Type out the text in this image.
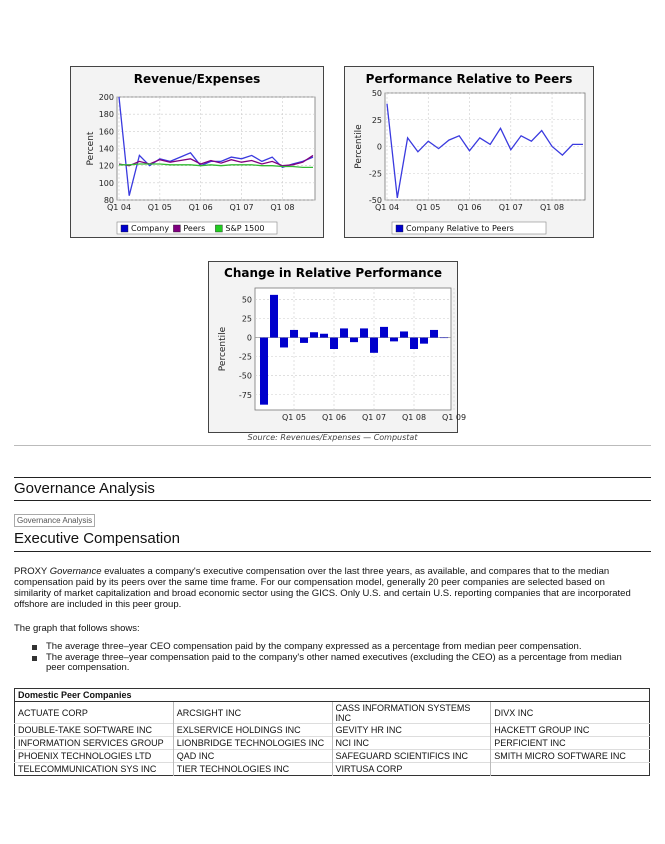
Revenue/Expenses
80
100
120
140
160
180
200
Q1 04 Q1 05 Q1 06 Q1 07 Q1 08
Percent
Company Peers	S&P 1500
Performance Relative to Peers
-50
-25
0
25
50
Q1 04 Q1 05 Q1 06 Q1 07 Q1 08
Percentile
Company Relative to Peers
Change in Relative Performance
-75
-50
-25
0
25
50
Q1 05 Q1 06 Q1 07 Q1 08 Q1 09
Percentile
Source: Revenues/Expenses — Compustat
Governance Analysis
Governance Analysis
Executive Compensation
PROXY Governance evaluates a company's executive compensation over the last three years, as available, and compares that to the median compensation paid by its peers over the same time frame. For our compensation model, generally 20 peer companies are selected based on similarity of market capitalization and broad economic sector using the GICS. Only U.S. and certain U.S. reporting companies that are incorporated offshore are included in this peer group.
The graph that follows shows:
The average three–year CEO compensation paid by the company expressed as a percentage from median peer compensation.
The average three–year compensation paid to the company's other named executives (excluding the CEO) as a percentage from median peer compensation.
Domestic Peer Companies			
ACTUATE CORP	ARCSIGHT INC	CASS INFORMATION SYSTEMS INC	DIVX INC
DOUBLE-TAKE SOFTWARE INC	EXLSERVICE HOLDINGS INC	GEVITY HR INC	HACKETT GROUP INC
INFORMATION SERVICES GROUP	LIONBRIDGE TECHNOLOGIES INC	NCI INC	PERFICIENT INC
PHOENIX TECHNOLOGIES LTD	QAD INC	SAFEGUARD SCIENTIFICS INC	SMITH MICRO SOFTWARE INC
TELECOMMUNICATION SYS INC	TIER TECHNOLOGIES INC	VIRTUSA CORP	
